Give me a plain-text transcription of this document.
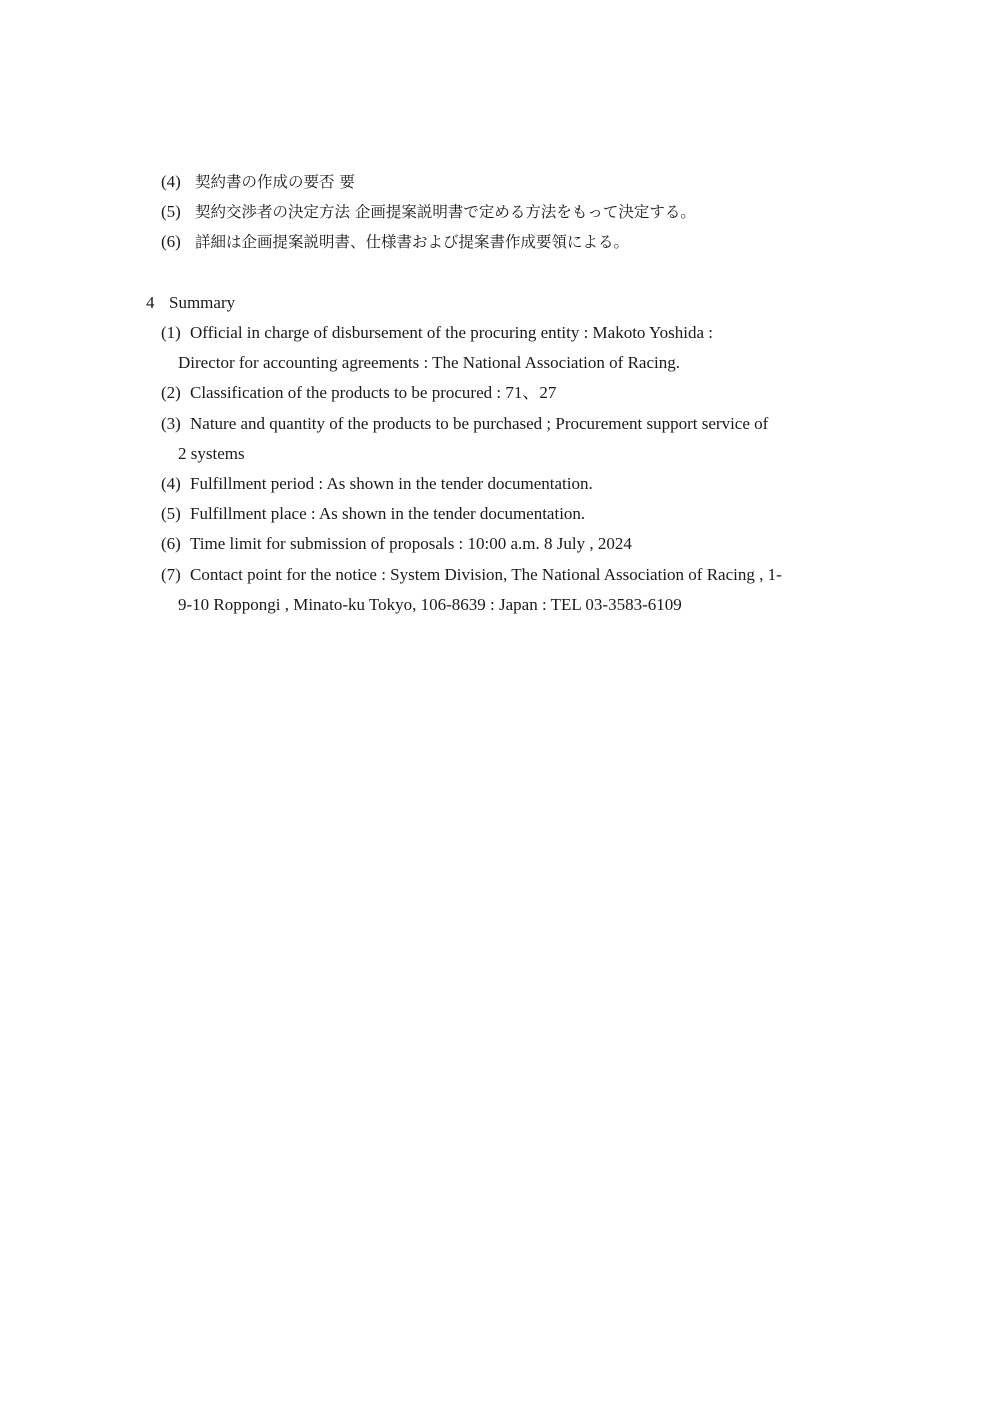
(4) 契約書の作成の要否 要
(5) 契約交渉者の決定方法 企画提案説明書で定める方法をもって決定する。
(6) 詳細は企画提案説明書、仕様書および提案書作成要領による。
4 Summary
(1) Official in charge of disbursement of the procuring entity : Makoto Yoshida :
Director for accounting agreements : The National Association of Racing.
(2) Classification of the products to be procured : 71、27
(3) Nature and quantity of the products to be purchased ; Procurement support service of
2 systems
(4) Fulfillment period : As shown in the tender documentation.
(5) Fulfillment place : As shown in the tender documentation.
(6) Time limit for submission of proposals : 10:00 a.m. 8 July , 2024
(7) Contact point for the notice : System Division, The National Association of Racing , 1-
9-10 Roppongi , Minato-ku Tokyo, 106-8639 : Japan : TEL 03-3583-6109
